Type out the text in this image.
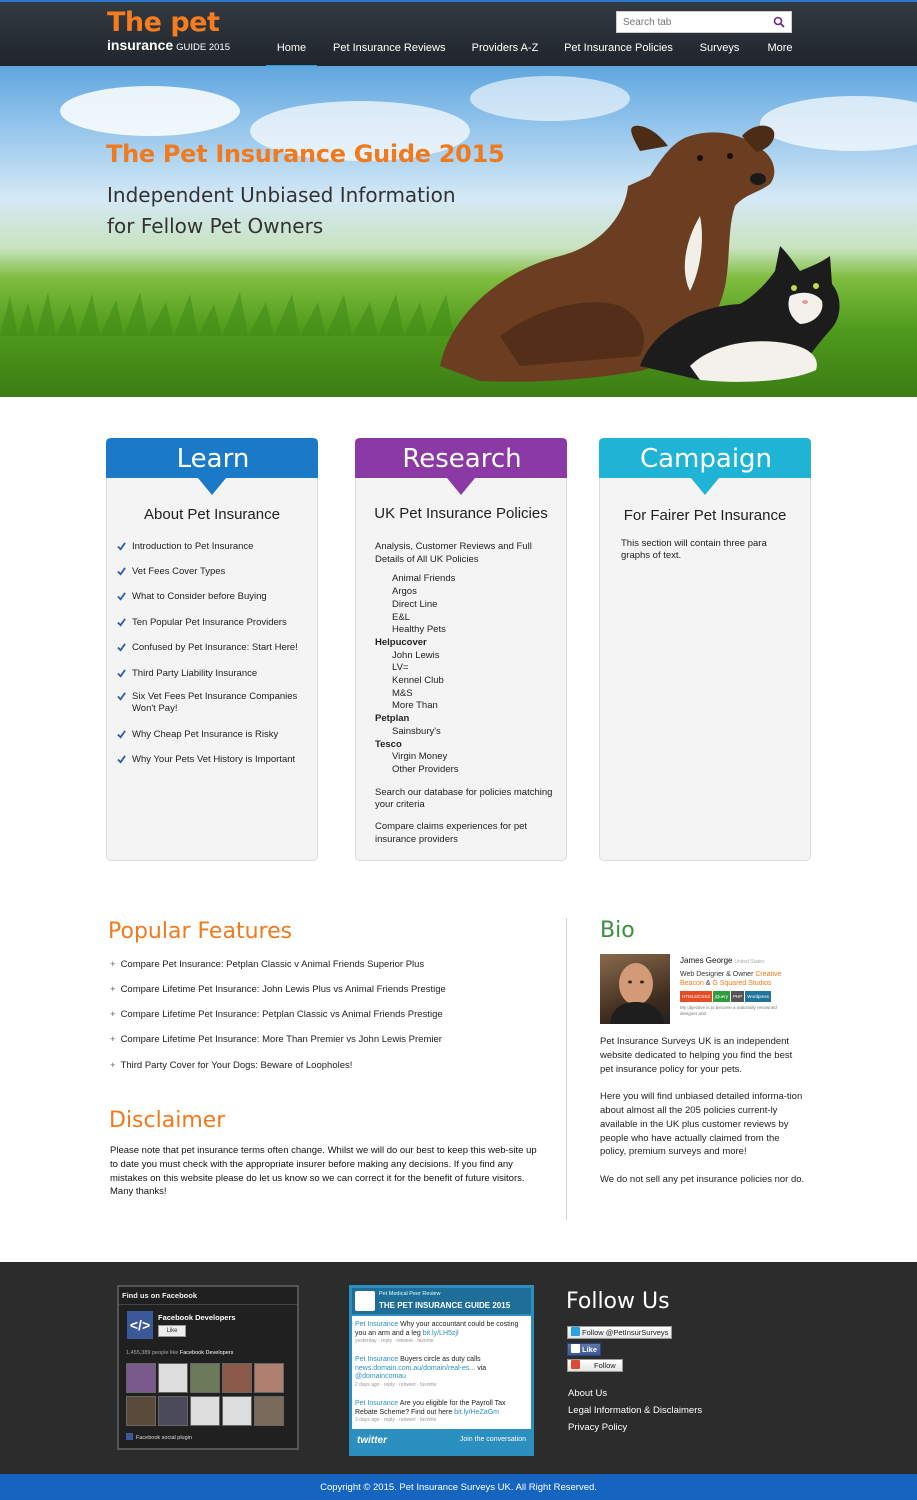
The pet
insurance GUIDE 2015
Search tab	Home	Pet Insurance Reviews Providers A-Z Pet Insurance Policies Surveys	More
The Pet Insurance Guide 2015
Independent Unbiased Information
for Fellow Pet Owners
Learn
About Pet Insurance
Introduction to Pet Insurance
Vet Fees Cover Types
What to Consider before Buying
Ten Popular Pet Insurance Providers
Confused by Pet Insurance: Start Here!
Third Party Liability Insurance
Six Vet Fees Pet Insurance Companies Won't Pay!
Why Cheap Pet Insurance is Risky
Why Your Pets Vet History is Important
Research
UK Pet Insurance Policies
Analysis, Customer Reviews and Full Details of All UK Policies
Animal Friends
Argos
Direct Line
E&L
Healthy Pets
Helpucover
John Lewis
LV=
Kennel Club
M&S
More Than
Petplan
Sainsbury's
Tesco
Virgin Money
Other Providers
Search our database for policies matching your criteria
Compare claims experiences for pet insurance providers
Campaign
For Fairer Pet Insurance
This section will contain three para graphs of text.
Popular Features
+ Compare Pet Insurance: Petplan Classic v Animal Friends Superior Plus
+ Compare Lifetime Pet Insurance: John Lewis Plus vs Animal Friends Prestige
+ Compare Lifetime Pet Insurance: Petplan Classic vs Animal Friends Prestige
+ Compare Lifetime Pet Insurance: More Than Premier vs John Lewis Premier
+ Third Party Cover for Your Dogs: Beware of Loopholes!
Disclaimer
Please note that pet insurance terms often change. Whilst we will do our best to keep this web-site up to date you must check with the appropriate insurer before making any decisions. If you find any mistakes on this website please do let us know so we can correct it for the benefit of future visitors. Many thanks!
Bio
James George United States
Web Designer & Owner Creative Beacon & G Squared Studios
HTML5/CSS3 jQuery PHP Wordpress
My objective is to become a nationally renowned designer and

Pet Insurance Surveys UK is an independent website dedicated to helping you find the best pet insurance policy for your pets.

Here you will find unbiased detailed informa-tion about almost all the 205 policies current-ly available in the UK plus customer reviews by people who have actually claimed from the policy, premium surveys and more!

We do not sell any pet insurance policies nor do.

Find us on Facebook
</>	Facebook Developers
Like
1,455,389 people like Facebook Developers
Facebook social plugin
Pet Medical Peer Review
THE PET INSURANCE GUIDE 2015
Pet Insurance Why your accountant could be costing you an arm and a leg bit.ly/LH5zjl
yesterday · reply · retweet · favorite
Pet Insurance Buyers circle as duty calls news.domain.com.au/domain/real-es... via @domaincomau
2 days ago · reply · retweet · favorite
Pet Insurance Are you eligible for the Payroll Tax Rebate Scheme? Find out here bit.ly/HeZaGm
3 days ago · reply · retweet · favorite
twitter	Join the conversation
Follow Us
Follow @PetInsurSurveys
Like
Follow
About Us
Legal Information & Disclaimers
Privacy Policy
Copyright © 2015. Pet Insurance Surveys UK. All Right Reserved.
